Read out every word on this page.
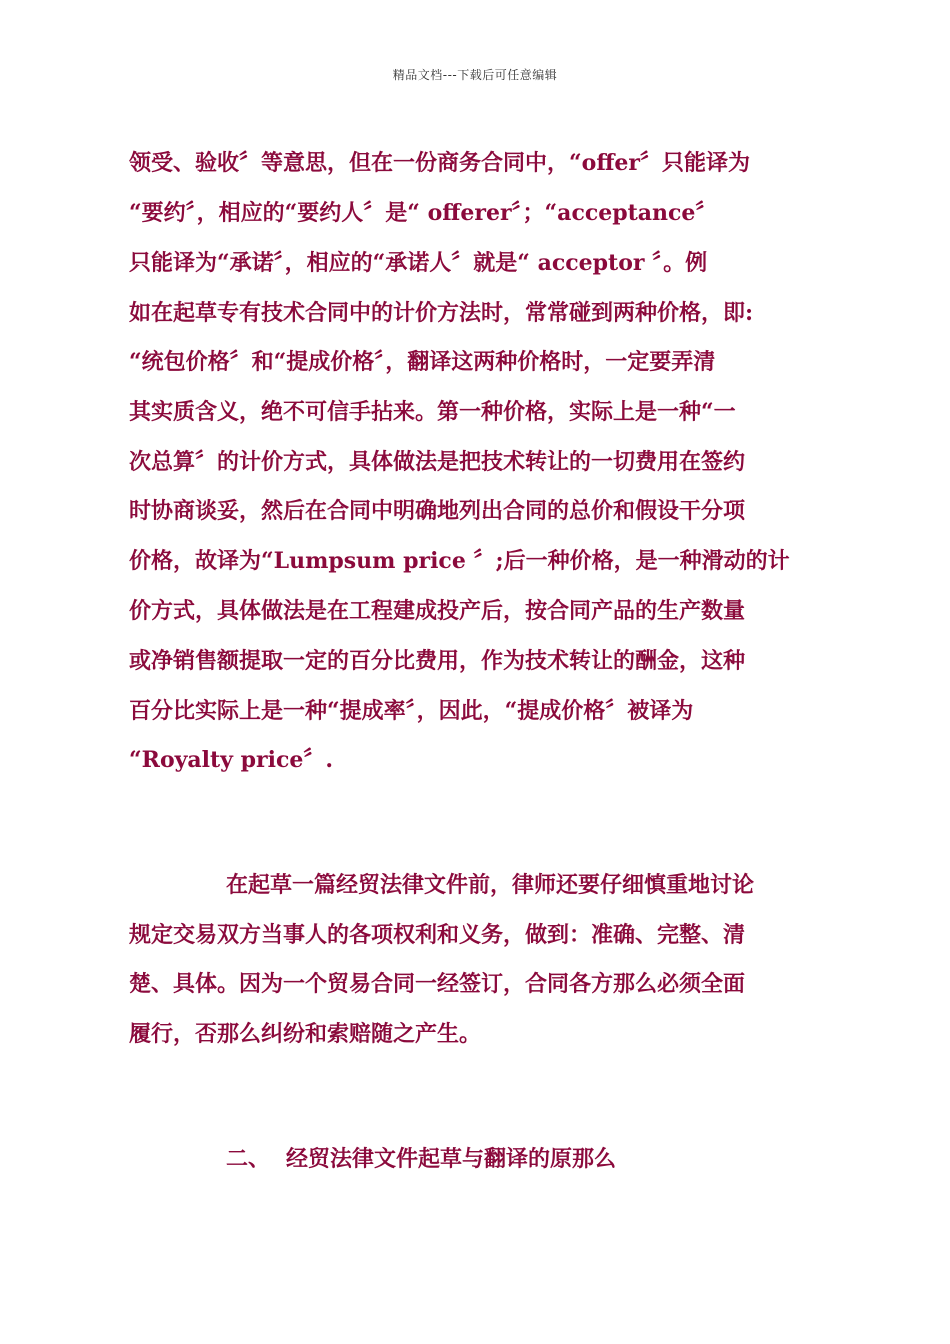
精品文档---下载后可任意编辑
领受、验收〞等意思，但在一份商务合同中，“offer〞只能译为
“要约〞，相应的“要约人〞是“ offerer〞；“acceptance〞
只能译为“承诺〞，相应的“承诺人〞就是“ acceptor 〞。例
如在起草专有技术合同中的计价方法时，常常碰到两种价格，即:
“统包价格〞和“提成价格〞，翻译这两种价格时，一定要弄清
其实质含义，绝不可信手拈来。第一种价格，实际上是一种“一
次总算〞的计价方式，具体做法是把技术转让的一切费用在签约
时协商谈妥，然后在合同中明确地列出合同的总价和假设干分项
价格，故译为“Lumpsum price 〞;后一种价格，是一种滑动的计
价方式，具体做法是在工程建成投产后，按合同产品的生产数量
或净销售额提取一定的百分比费用，作为技术转让的酬金，这种
百分比实际上是一种“提成率〞，因此，“提成价格〞被译为
“Royalty price〞.
在起草一篇经贸法律文件前，律师还要仔细慎重地讨论
规定交易双方当事人的各项权利和义务，做到：准确、完整、清
楚、具体。因为一个贸易合同一经签订，合同各方那么必须全面
履行，否那么纠纷和索赔随之产生。
二、 经贸法律文件起草与翻译的原那么
